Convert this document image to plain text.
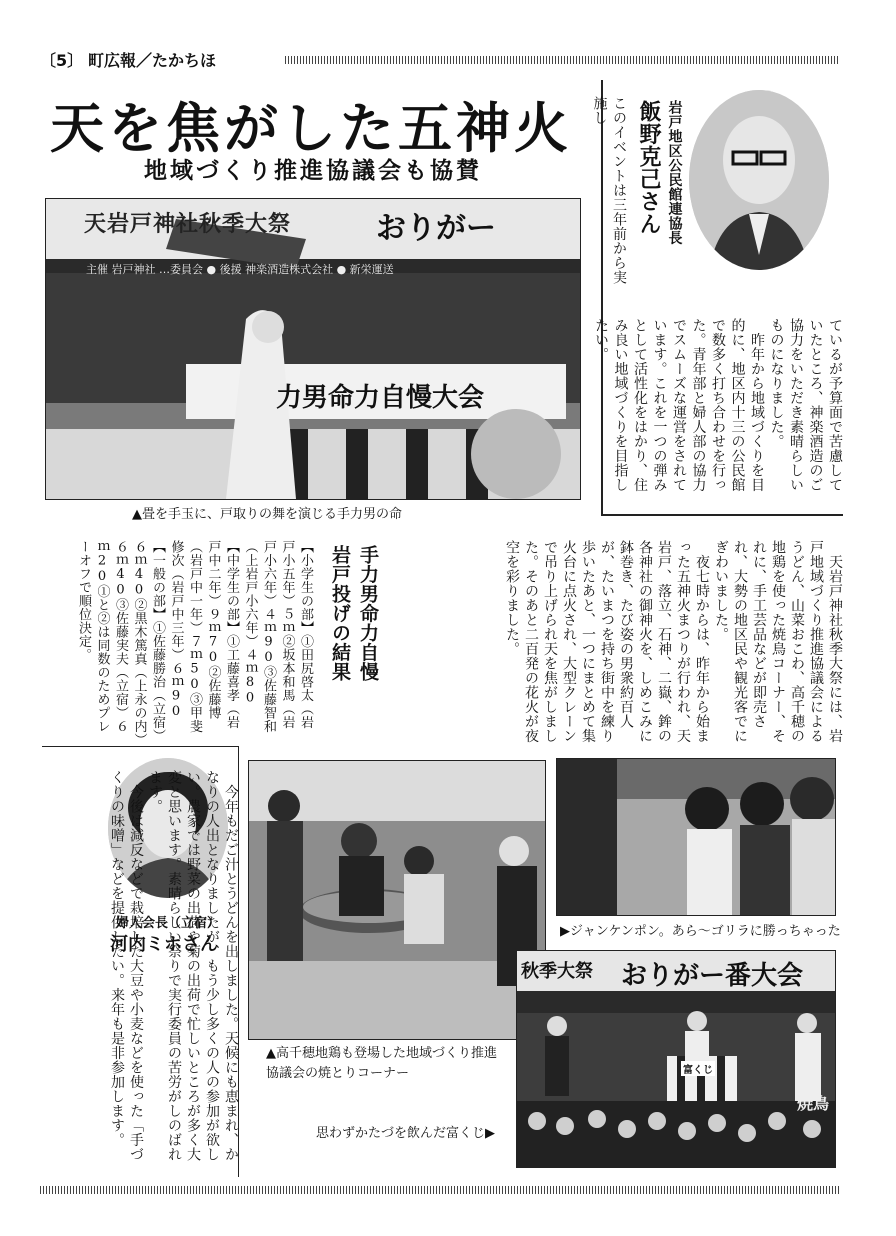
〔5〕 町広報／たかちほ
天を焦がした五神火
地域づくり推進協議会も協賛
天岩戸神社秋季大祭	おりがー
主催 岩戸神社 …委員会 ● 後援 神楽酒造株式会社 ● 新栄運送
力男命力自慢大会
▲畳を手玉に、戸取りの舞を演じる手力男の命
岩戸地区公民館連協長
飯野克己さん
このイベントは三年前から実施し
ているが予算面で苦慮していたところ、神楽酒造のご協力をいただき素晴らしいものになりました。
　昨年から地域づくりを目的に、地区内十三の公民館で数多く打ち合わせを行った。青年部と婦人部の協力でスムーズな運営をされています。これを一つの弾みとして活性化をはかり、住み良い地域づくりを目指したい。
手力男命力自慢
岩戸投げの結果
【小学生の部】①田尻啓太（岩戸小五年）５ｍ②坂本和馬（岩戸小六年）４ｍ90③佐藤智和（上岩戸小六年）４ｍ80
【中学生の部】①工藤喜孝（岩戸中二年）９ｍ70②佐藤博（岩戸中一年）７ｍ50③甲斐修次（岩戸中三年）６ｍ90
【一般の部】①佐藤勝治（立宿）６ｍ40②黒木篤真（上永の内）６ｍ40③佐藤実夫（立宿）６ｍ20①と②は同数のためプレーオフで順位決定。	　天岩戸神社秋季大祭には、岩戸地域づくり推進協議会によるうどん、山菜おこわ、高千穂の地鶏を使った焼鳥コーナー、それに、手工芸品などが即売され、大勢の地区民や観光客でにぎわいました。
　夜七時からは、昨年から始まった五神火まつりが行われ、天岩戸、落立、石神、二嶽、鉾の各神社の御神火を、しめこみに鉢巻き、たび姿の男衆約百人が、たいまつを持ち街中を練り歩いたあと、一つにまとめて集火台に点火され、大型クレーンで吊り上げられ天を焦がしました。そのあと二百発の花火が夜空を彩りました。
婦人会長（立宿）
河内ミホさん 　今年もだご汁とうどんを出しました。天候にも恵まれ、かなりの人出となりましたが、もう少し多くの人の参加が欲しい。農家では野菜の出荷や菊の出荷で忙しいところが多く大変と思います。素晴らしい祭りで実行委員の苦労がしのばれます。
　今後は減反などで栽培した大豆や小麦などを使った「手づくりの味噌」などを提供したい。来年も是非参加します。	▲高千穂地鶏も登場した地域づくり推進協議会の焼とりコーナー
▶ジャンケンポン。あら～ゴリラに勝っちゃった
秋季大祭 おりがー番大会
富くじ
焼鳥
思わずかたづを飲んだ富くじ▶
